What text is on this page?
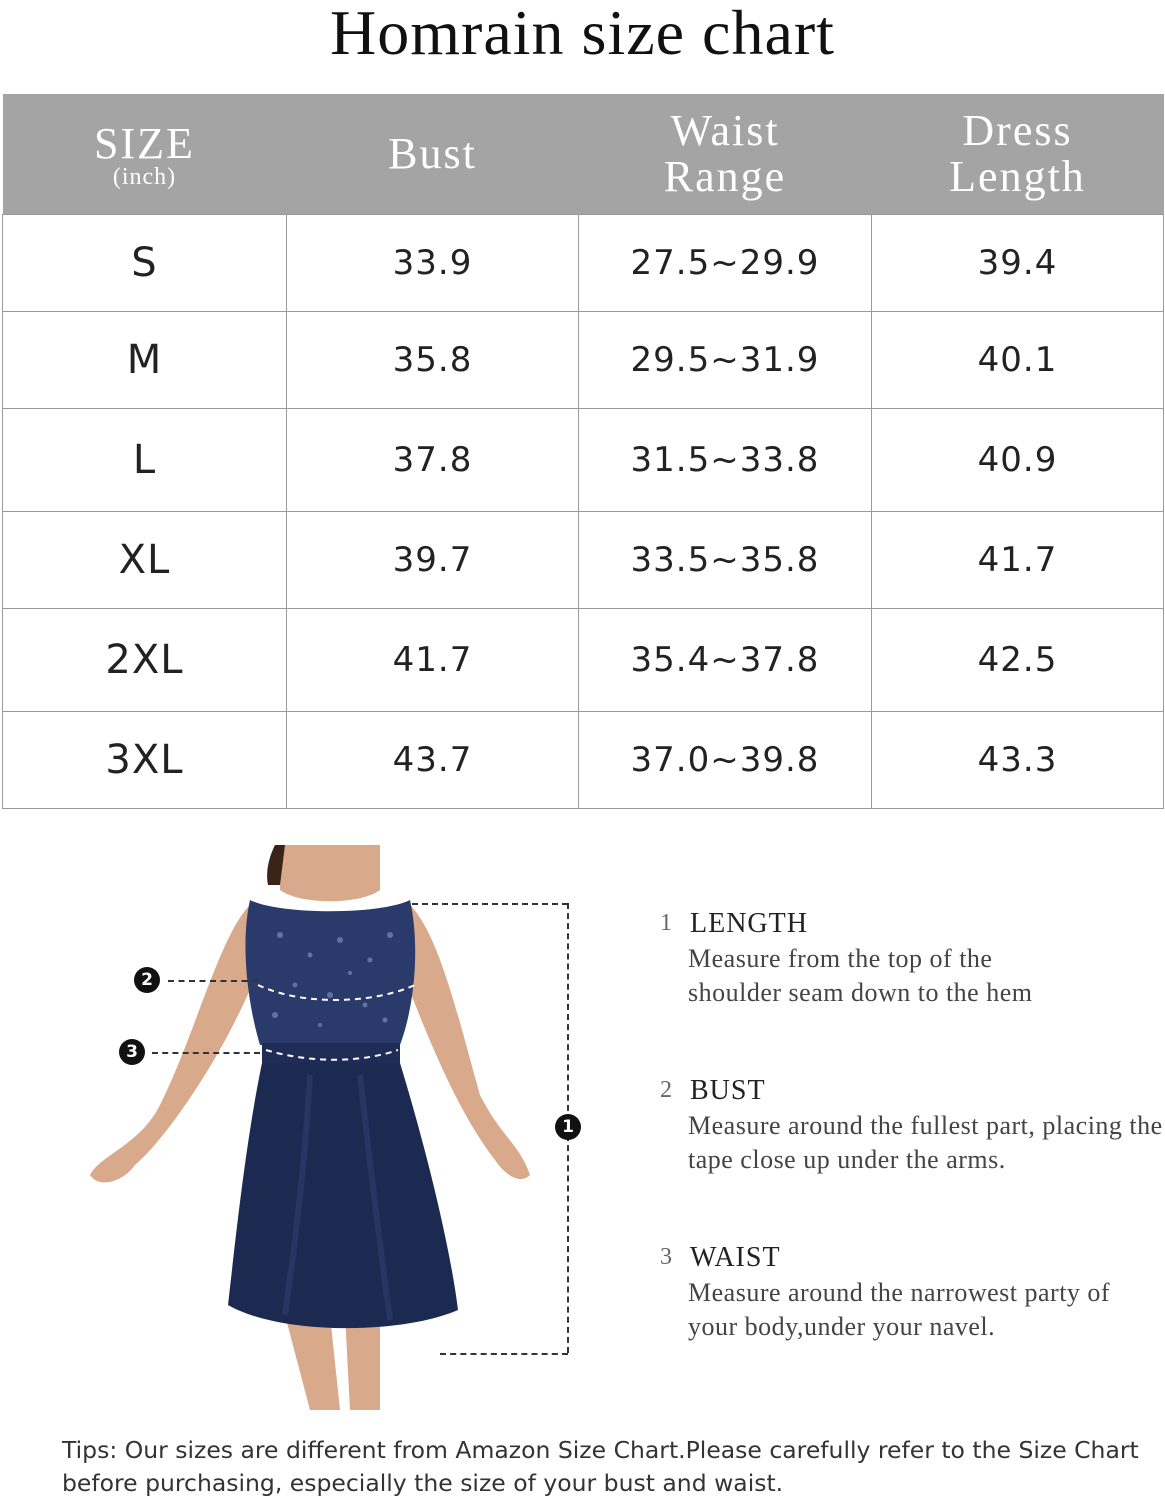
Homrain size chart
SIZE
(inch)	Bust	Waist Range	Dress Length
S	33.9	27.5~29.9	39.4
M	35.8	29.5~31.9	40.1
L	37.8	31.5~33.8	40.9
XL	39.7	33.5~35.8	41.7
2XL	41.7	35.4~37.8	42.5
3XL	43.7	37.0~39.8	43.3
2
3
1
1 LENGTH
Measure from the top of the shoulder seam down to the hem
2 BUST
Measure around the fullest part, placing the tape close up under the arms.
3 WAIST
Measure around the narrowest party of your body,under your navel.
Tips: Our sizes are different from Amazon Size Chart.Please carefully refer to the Size Chart before purchasing, especially the size of your bust and waist.
